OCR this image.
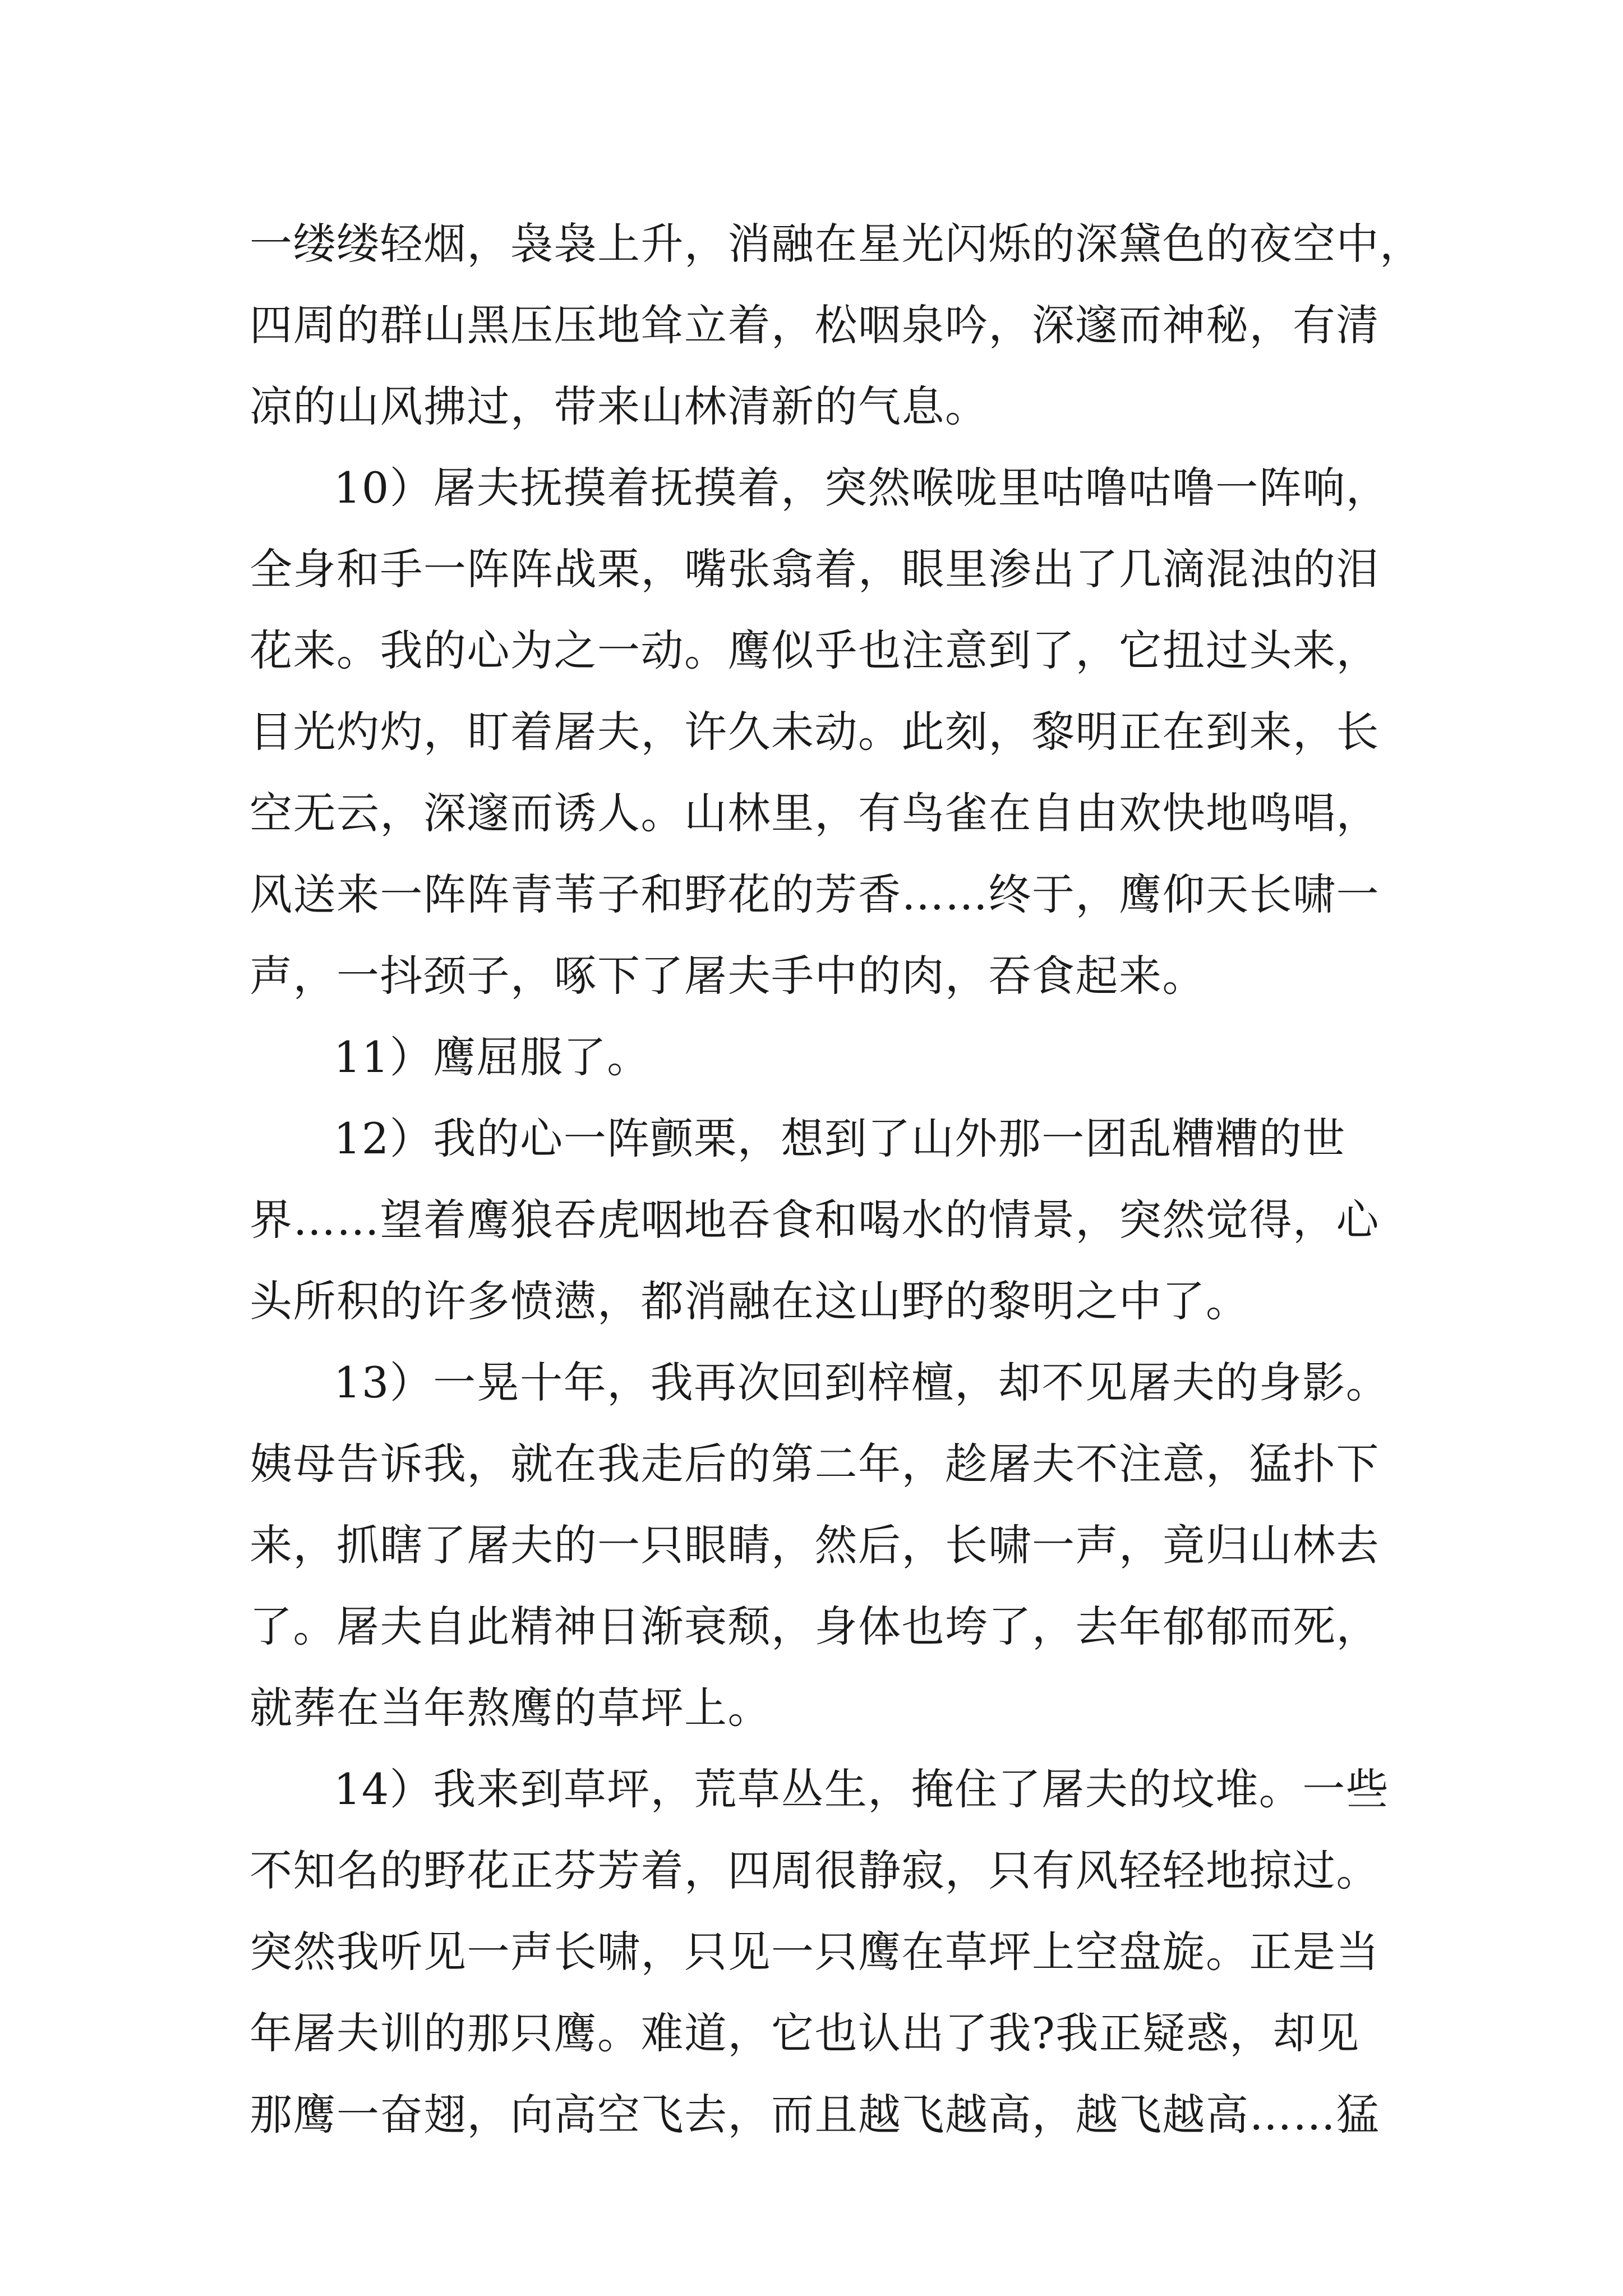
一缕缕轻烟，袅袅上升，消融在星光闪烁的深黛色的夜空中，
四周的群山黑压压地耸立着，松咽泉吟，深邃而神秘，有清
凉的山风拂过，带来山林清新的气息。
10）屠夫抚摸着抚摸着，突然喉咙里咕噜咕噜一阵响，
全身和手一阵阵战栗，嘴张翕着，眼里渗出了几滴混浊的泪
花来。我的心为之一动。鹰似乎也注意到了，它扭过头来，
目光灼灼，盯着屠夫，许久未动。此刻，黎明正在到来，长
空无云，深邃而诱人。山林里，有鸟雀在自由欢快地鸣唱，
风送来一阵阵青苇子和野花的芳香……终于，鹰仰天长啸一
声，一抖颈子，啄下了屠夫手中的肉，吞食起来。
11）鹰屈服了。
12）我的心一阵颤栗，想到了山外那一团乱糟糟的世
界……望着鹰狼吞虎咽地吞食和喝水的情景，突然觉得，心
头所积的许多愤懑，都消融在这山野的黎明之中了。
13）一晃十年，我再次回到梓檀，却不见屠夫的身影。
姨母告诉我，就在我走后的第二年，趁屠夫不注意，猛扑下
来，抓瞎了屠夫的一只眼睛，然后，长啸一声，竟归山林去
了。屠夫自此精神日渐衰颓，身体也垮了，去年郁郁而死，
就葬在当年熬鹰的草坪上。
14）我来到草坪，荒草丛生，掩住了屠夫的坟堆。一些
不知名的野花正芬芳着，四周很静寂，只有风轻轻地掠过。
突然我听见一声长啸，只见一只鹰在草坪上空盘旋。正是当
年屠夫训的那只鹰。难道，它也认出了我?我正疑惑，却见
那鹰一奋翅，向高空飞去，而且越飞越高，越飞越高……猛
